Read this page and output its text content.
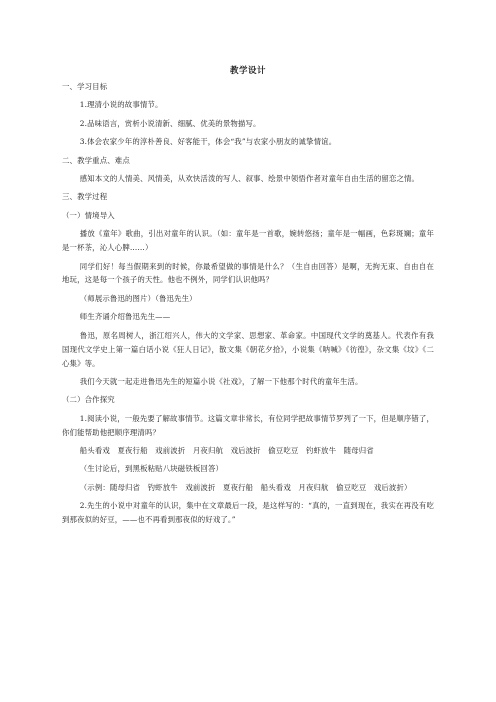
教学设计

一、学习目标

1.理清小说的故事情节。

2.品味语言，赏析小说清新、细腻、优美的景物描写。

3.体会农家少年的淳朴善良、好客能干，体会“我”与农家小朋友的诚挚情谊。

二、教学重点、难点

感知本文的人情美、风情美，从欢快活泼的写人、叙事、绘景中领悟作者对童年自由生活的留恋之情。

三、教学过程

（一）情境导入

播放《童年》歌曲，引出对童年的认识。（如：童年是一首歌，婉转悠扬；童年是一幅画，色彩斑斓；童年是一杯茶，沁人心脾……）

同学们好！每当假期来到的时候，你最希望做的事情是什么？（生自由回答）是啊，无拘无束、自由自在地玩，这是每一个孩子的天性。他也不例外，同学们认识他吗？

（师展示鲁迅的图片）（鲁迅先生）

师生齐诵介绍鲁迅先生——

鲁迅，原名周树人，浙江绍兴人，伟大的文学家、思想家、革命家。中国现代文学的奠基人。代表作有我国现代文学史上第一篇白话小说《狂人日记》，散文集《朝花夕拾》，小说集《呐喊》《彷徨》，杂文集《坟》《二心集》等。

我们今天就一起走进鲁迅先生的短篇小说《社戏》，了解一下他那个时代的童年生活。

（二）合作探究

1.阅读小说，一般先要了解故事情节。这篇文章非常长，有位同学把故事情节罗列了一下，但是顺序错了，你们能帮助他把顺序理清吗？

船头看戏　夏夜行船　戏前波折　月夜归航　戏后波折　偷豆吃豆　钓虾放牛　随母归省

（生讨论后，到黑板粘贴八块磁铁板回答）

（示例：随母归省　钓虾放牛　戏前波折　夏夜行船　船头看戏　月夜归航　偷豆吃豆　戏后波折）

2.先生的小说中对童年的认识，集中在文章最后一段，是这样写的：“真的，一直到现在，我实在再没有吃到那夜似的好豆，——也不再看到那夜似的好戏了。”
